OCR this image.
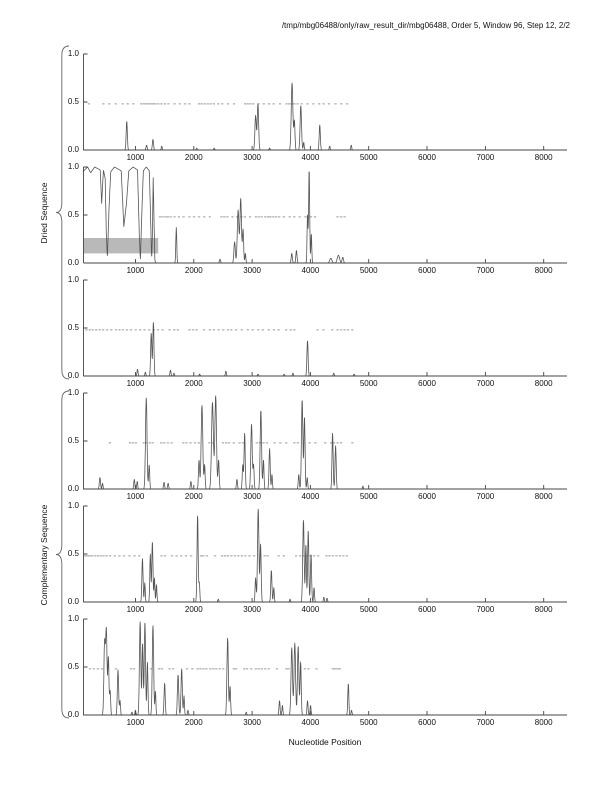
/tmp/mbg06488/only/raw_result_dir/mbg06488, Order 5, Window 96, Step 12, 2/2
0.0
0.5
1.0
1000	2000	3000	4000	5000	6000	7000	8000
0.0
0.5
1.0
1000	2000	3000	4000	5000	6000	7000	8000
0.0
0.5
1.0
1000	2000	3000	4000	5000	6000	7000	8000
0.0
0.5
1.0
1000	2000	3000	4000	5000	6000	7000	8000
0.0
0.5
1.0
1000	2000	3000	4000	5000	6000	7000	8000
0.0
0.5
1.0
1000	2000	3000	4000	5000	6000	7000	8000
Dried Sequence
Complementary Sequence
Nucleotide Position
